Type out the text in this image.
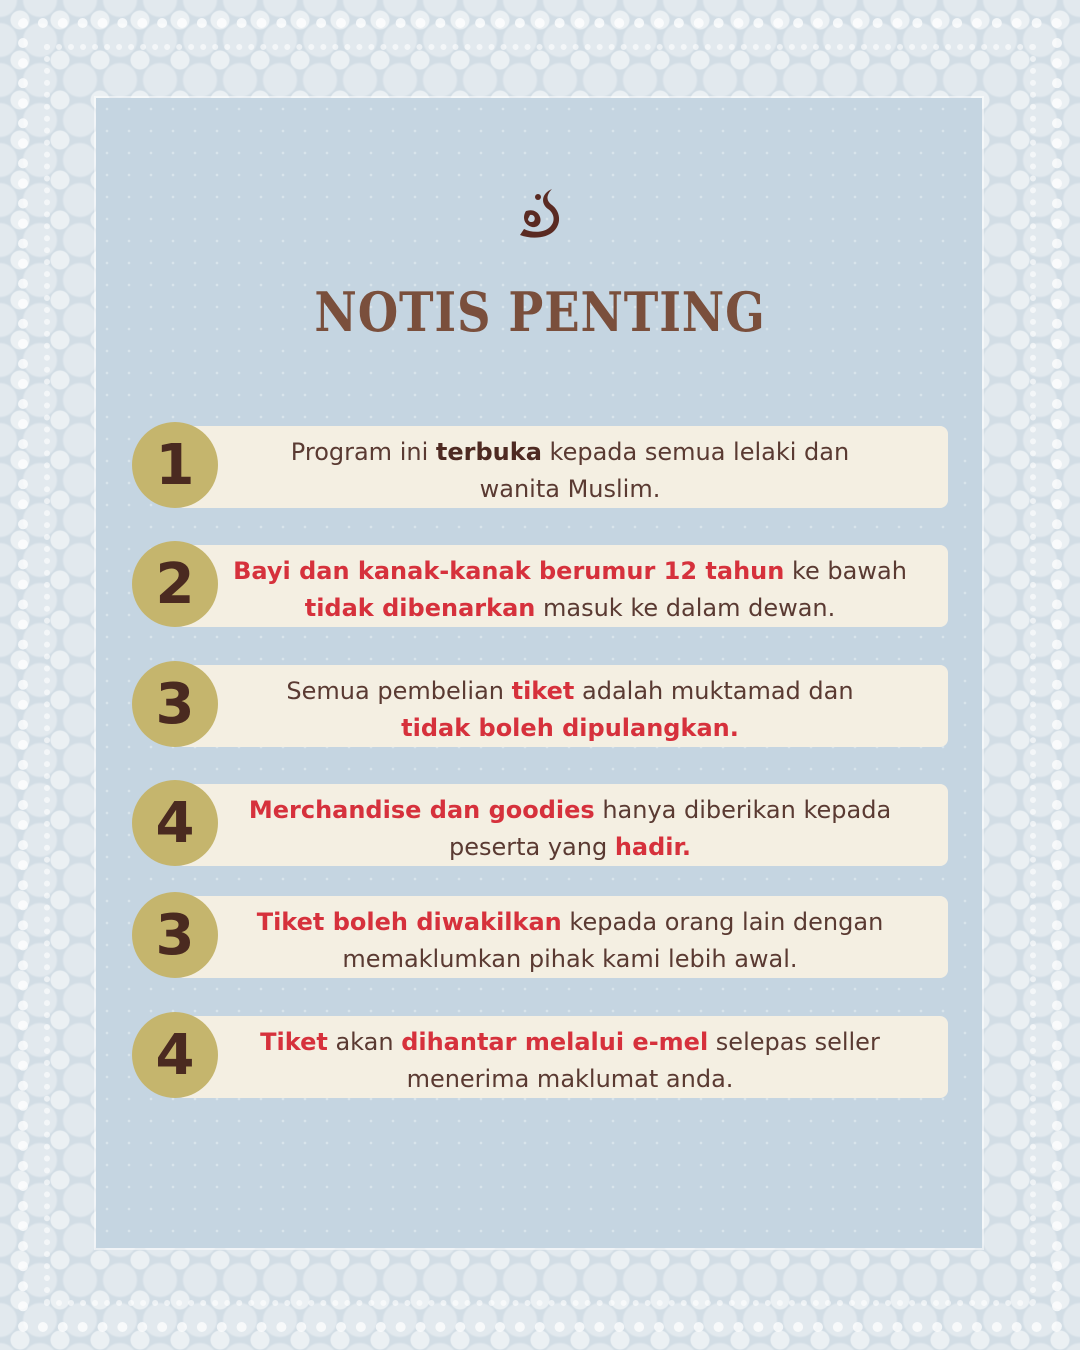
NOTIS PENTING
1	Program ini terbuka kepada semua lelaki dan
wanita Muslim.
2	Bayi dan kanak-kanak berumur 12 tahun ke bawah
tidak dibenarkan masuk ke dalam dewan.
3	Semua pembelian tiket adalah muktamad dan
tidak boleh dipulangkan.
4	Merchandise dan goodies hanya diberikan kepada
peserta yang hadir.
3	Tiket boleh diwakilkan kepada orang lain dengan
memaklumkan pihak kami lebih awal.
4	Tiket akan dihantar melalui e-mel selepas seller
menerima maklumat anda.
